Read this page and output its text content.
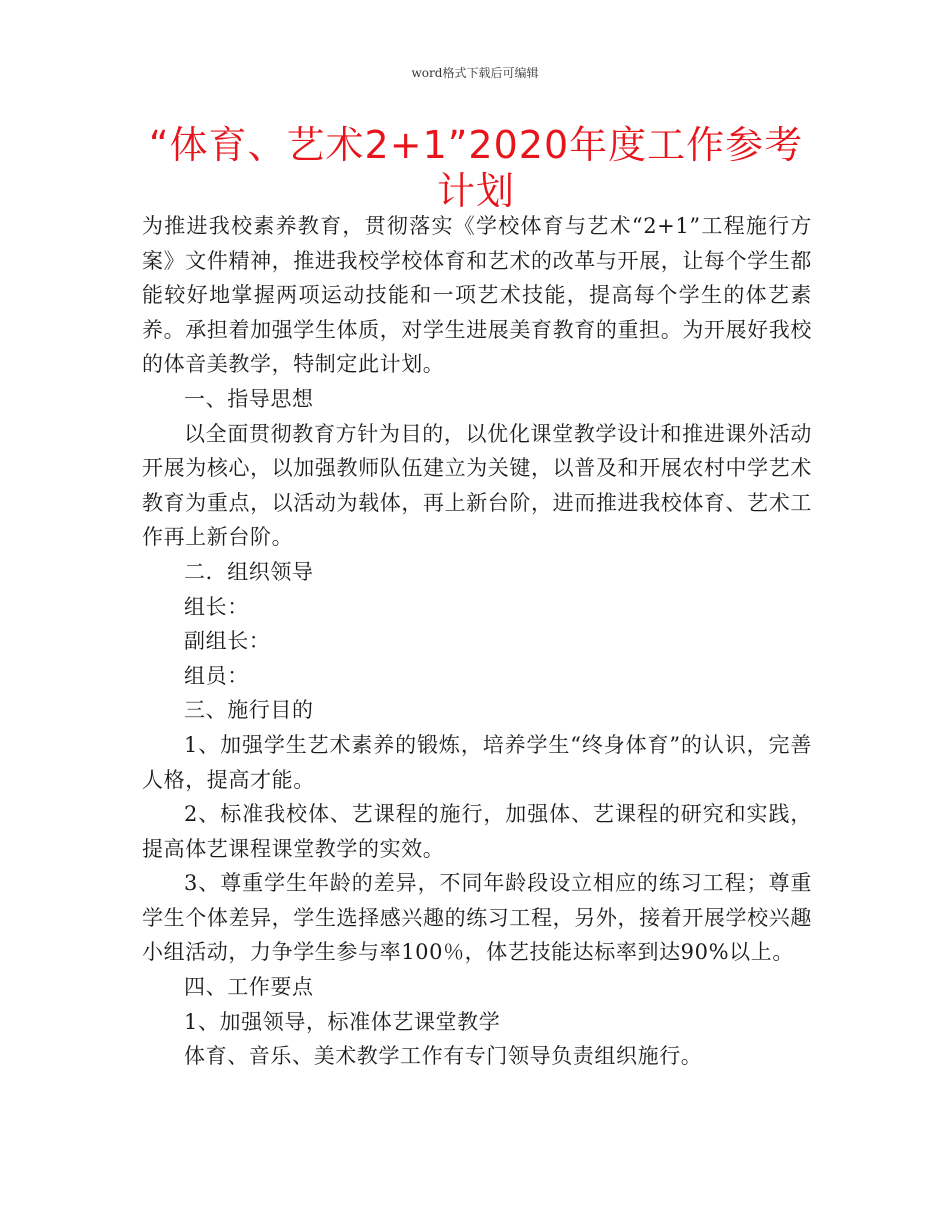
word格式下载后可编辑
“体育、艺术2+1”2020年度工作参考计划

为推进我校素养教育，贯彻落实《学校体育与艺术“2+1”工程施行方案》文件精神，推进我校学校体育和艺术的改革与开展，让每个学生都能较好地掌握两项运动技能和一项艺术技能，提高每个学生的体艺素养。承担着加强学生体质，对学生进展美育教育的重担。为开展好我校的体音美教学，特制定此计划。

一、指导思想

以全面贯彻教育方针为目的，以优化课堂教学设计和推进课外活动开展为核心，以加强教师队伍建立为关键，以普及和开展农村中学艺术教育为重点，以活动为载体，再上新台阶，进而推进我校体育、艺术工作再上新台阶。

二．组织领导

组长：

副组长：

组员：

三、施行目的

1、加强学生艺术素养的锻炼，培养学生“终身体育”的认识，完善人格，提高才能。

2、标准我校体、艺课程的施行，加强体、艺课程的研究和实践，提高体艺课程课堂教学的实效。

3、尊重学生年龄的差异，不同年龄段设立相应的练习工程；尊重学生个体差异，学生选择感兴趣的练习工程，另外，接着开展学校兴趣小组活动，力争学生参与率100％，体艺技能达标率到达90%以上。

四、工作要点

1、加强领导，标准体艺课堂教学

体育、音乐、美术教学工作有专门领导负责组织施行。
